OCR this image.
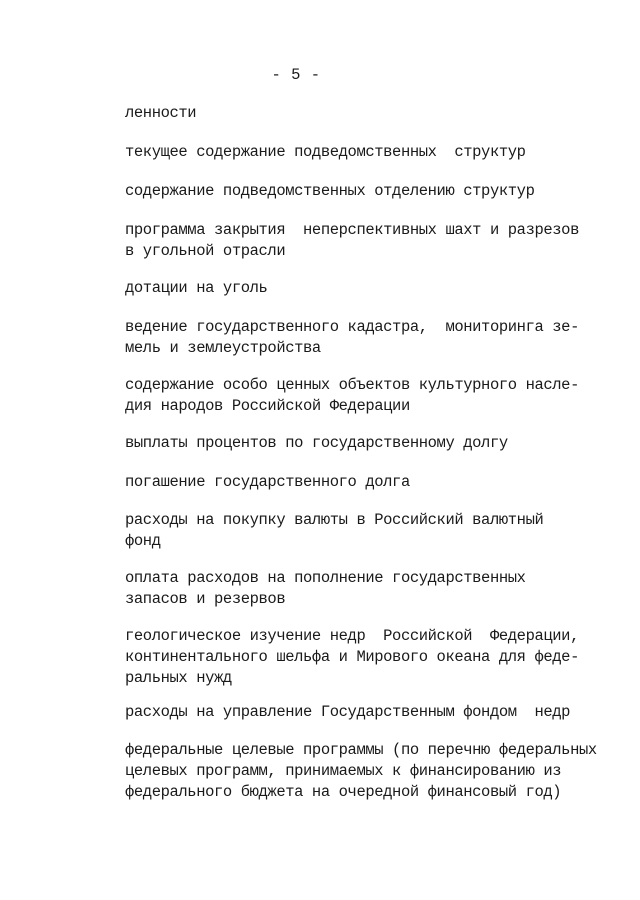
- 5 -
ленности
текущее содержание подведомственных  структур
содержание подведомственных отделению структур
программа закрытия  неперспективных шахт и разрезов
в угольной отрасли
дотации на уголь
ведение государственного кадастра,  мониторинга зе-
мель и землеустройства
содержание особо ценных объектов культурного насле-
дия народов Российской Федерации
выплаты процентов по государственному долгу
погашение государственного долга
расходы на покупку валюты в Российский валютный
фонд
оплата расходов на пополнение государственных
запасов и резервов
геологическое изучение недр  Российской  Федерации,
континентального шельфа и Мирового океана для феде-
ральных нужд
расходы на управление Государственным фондом  недр
федеральные целевые программы (по перечню федеральных
целевых программ, принимаемых к финансированию из
федерального бюджета на очередной финансовый год)
